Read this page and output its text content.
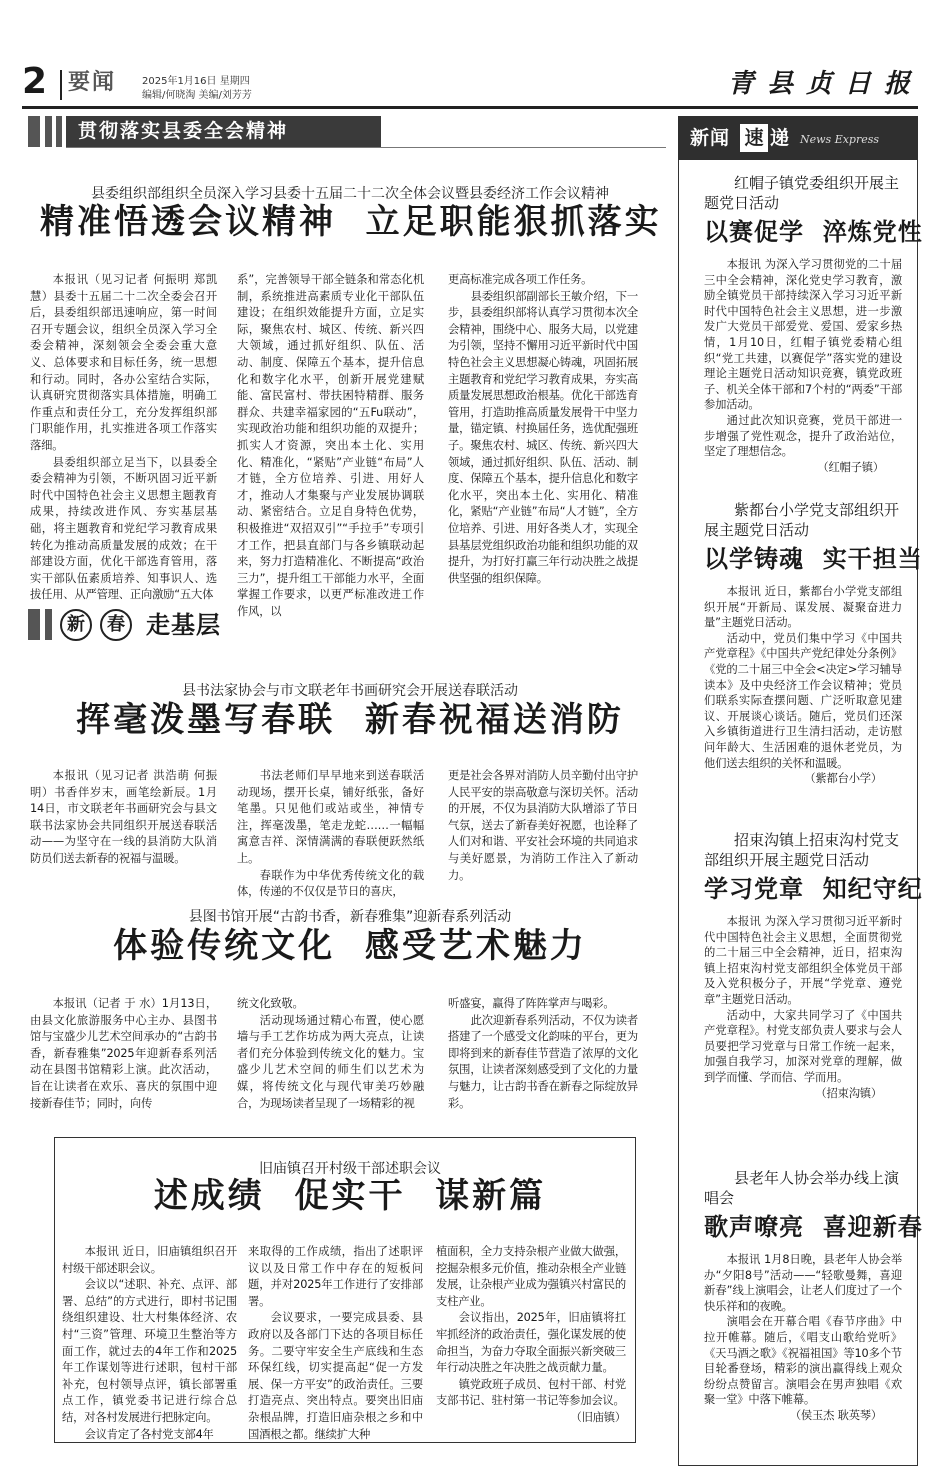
2 要闻	2025年1月16日 星期四
编辑/何晓淘 美编/刘芳芳	青 县 贞 日 报
贯彻落实县委全会精神
县委组织部组织全员深入学习县委十五届二十二次全体会议暨县委经济工作会议精神
精准悟透会议精神  立足职能狠抓落实

本报讯（见习记者 何振明 郑凯慧）县委十五届二十二次全委会召开后，县委组织部迅速响应，第一时间召开专题会议，组织全员深入学习全委会精神，深刻领会全委会重大意义、总体要求和目标任务，统一思想和行动。同时，各办公室结合实际，认真研究贯彻落实具体措施，明确工作重点和责任分工，充分发挥组织部门职能作用，扎实推进各项工作落实落细。

县委组织部立足当下，以县委全委会精神为引领，不断巩固习近平新时代中国特色社会主义思想主题教育成果，持续改进作风、夯实基层基础，将主题教育和党纪学习教育成果转化为推动高质量发展的成效；在干部建设方面，优化干部选育管用，落实干部队伍素质培养、知事识人、选拔任用、从严管理、正向激励“五大体

系”，完善领导干部全链条和常态化机制，系统推进高素质专业化干部队伍建设；在组织效能提升方面，立足实际，聚焦农村、城区、传统、新兴四大领域，通过抓好组织、队伍、活动、制度、保障五个基本，提升信息化和数字化水平，创新开展党建赋能、富民富村、带扶困特精群、服务群众、共建幸福家园的“五Fu联动”，实现政治功能和组织功能的双提升；抓实人才资源，突出本土化、实用化、精准化，“紧贴”产业链“布局”人才链，全方位培养、引进、用好人才，推动人才集聚与产业发展协调联动、紧密结合。立足自身特色优势，积极推进“双招双引”“手拉手”专项引才工作，把县直部门与各乡镇联动起来，努力打造精准化、不断提高“政治三力”，提升组工干部能力水平，全面掌握工作要求，以更严标准改进工作作风，以

更高标准完成各项工作任务。

县委组织部副部长王敏介绍，下一步，县委组织部将认真学习贯彻本次全会精神，围绕中心、服务大局，以党建为引领，坚持不懈用习近平新时代中国特色社会主义思想凝心铸魂，巩固拓展主题教育和党纪学习教育成果，夯实高质量发展思想政治根基。优化干部选育管用，打造助推高质量发展骨干中坚力量，锚定镇、村换届任务，选优配强班子。聚焦农村、城区、传统、新兴四大领域，通过抓好组织、队伍、活动、制度、保障五个基本，提升信息化和数字化水平，突出本土化、实用化、精准化，紧贴“产业链”布局“人才链”，全方位培养、引进、用好各类人才，实现全县基层党组织政治功能和组织功能的双提升，为打好打赢三年行动决胜之战提供坚强的组织保障。

新	春 走基层
县书法家协会与市文联老年书画研究会开展送春联活动
挥毫泼墨写春联  新春祝福送消防

本报讯（见习记者 洪浩萌 何振明）书香伴岁末，画笔绘新辰。1月14日，市文联老年书画研究会与县文联书法家协会共同组织开展送春联活动——为坚守在一线的县消防大队消防员们送去新春的祝福与温暖。

书法老师们早早地来到送春联活动现场，摆开长桌，铺好纸张，备好笔墨。只见他们或站或坐，神情专注，挥毫泼墨，笔走龙蛇……一幅幅寓意吉祥、深情满满的春联便跃然纸上。

春联作为中华优秀传统文化的载体，传递的不仅仅是节日的喜庆，

更是社会各界对消防人员辛勤付出守护人民平安的崇高敬意与深切关怀。活动的开展，不仅为县消防大队增添了节日气氛，送去了新春美好祝愿，也诠释了人们对和谐、平安社会环境的共同追求与美好愿景，为消防工作注入了新动力。

县图书馆开展“古韵书香，新春雅集”迎新春系列活动
体验传统文化  感受艺术魅力

本报讯（记者 于 水）1月13日，由县文化旅游服务中心主办、县图书馆与宝盛少儿艺术空间承办的“古韵书香，新春雅集”2025年迎新春系列活动在县图书馆精彩上演。此次活动，旨在让读者在欢乐、喜庆的氛围中迎接新春佳节；同时，向传

统文化致敬。

活动现场通过精心布置，使心愿墙与手工艺作坊成为两大亮点，让读者们充分体验到传统文化的魅力。宝盛少儿艺术空间的师生们以艺术为媒，将传统文化与现代审美巧妙融合，为现场读者呈现了一场精彩的视

听盛宴，赢得了阵阵掌声与喝彩。

此次迎新春系列活动，不仅为读者搭建了一个感受文化韵味的平台，更为即将到来的新春佳节营造了浓厚的文化氛围，让读者深刻感受到了文化的力量与魅力，让古韵书香在新春之际绽放异彩。

旧庙镇召开村级干部述职会议
述成绩  促实干  谋新篇

本报讯 近日，旧庙镇组织召开村级干部述职会议。

会议以“述职、补充、点评、部署、总结”的方式进行，即村书记围绕组织建设、壮大村集体经济、农村“三资”管理、环境卫生整治等方面工作，就过去的4年工作和2025年工作谋划等进行述职，包村干部补充，包村领导点评，镇长部署重点工作，镇党委书记进行综合总结，对各村发展进行把脉定向。

会议肯定了各村党支部4年

来取得的工作成绩，指出了述职评议以及日常工作中存在的短板问题，并对2025年工作进行了安排部署。

会议要求，一要完成县委、县政府以及各部门下达的各项目标任务。二要守牢安全生产底线和生态环保红线，切实提高起“促一方发展、保一方平安”的政治责任。三要打造亮点、突出特点。要突出旧庙杂根品牌，打造旧庙杂根之乡和中国酒根之都。继续扩大种

植面积，全力支持杂根产业做大做强，挖掘杂根多元价值，推动杂根全产业链发展，让杂根产业成为强镇兴村富民的支柱产业。

会议指出，2025年，旧庙镇将扛牢抓经济的政治责任，强化谋发展的使命担当，为奋力夺取全面振兴新突破三年行动决胜之年决胜之战贡献力量。

镇党政班子成员、包村干部、村党支部书记、驻村第一书记等参加会议。

（旧庙镇）
新闻 速 递 News Express
红帽子镇党委组织开展主题党日活动
以赛促学  淬炼党性

本报讯 为深入学习贯彻党的二十届三中全会精神，深化党史学习教育，激励全镇党员干部持续深入学习习近平新时代中国特色社会主义思想，进一步激发广大党员干部爱党、爱国、爱家乡热情，1月10日，红帽子镇党委精心组织“党工共建，以赛促学”落实党的建设理论主题党日活动知识竞赛，镇党政班子、机关全体干部和7个村的“两委”干部参加活动。

通过此次知识竞赛，党员干部进一步增强了党性观念，提升了政治站位，坚定了理想信念。

（红帽子镇）
紫都台小学党支部组织开展主题党日活动
以学铸魂  实干担当

本报讯 近日，紫都台小学党支部组织开展“开新局、谋发展、凝聚奋进力量”主题党日活动。

活动中，党员们集中学习《中国共产党章程》《中国共产党纪律处分条例》《党的二十届三中全会<决定>学习辅导读本》及中央经济工作会议精神；党员们联系实际查摆问题、广泛听取意见建议、开展谈心谈话。随后，党员们还深入乡镇街道进行卫生清扫活动，走访慰问年龄大、生活困难的退休老党员，为他们送去组织的关怀和温暖。

（紫都台小学）
招束沟镇上招束沟村党支部组织开展主题党日活动
学习党章  知纪守纪

本报讯 为深入学习贯彻习近平新时代中国特色社会主义思想，全面贯彻党的二十届三中全会精神，近日，招束沟镇上招束沟村党支部组织全体党员干部及入党积极分子，开展“学党章、遵党章”主题党日活动。

活动中，大家共同学习了《中国共产党章程》。村党支部负责人要求与会人员要把学习党章与日常工作统一起来，加强自我学习，加深对党章的理解，做到学而懂、学而信、学而用。

（招束沟镇）
县老年人协会举办线上演唱会
歌声嘹亮  喜迎新春

本报讯 1月8日晚，县老年人协会举办“夕阳8号”活动——“轻歌曼舞，喜迎新春”线上演唱会，让老人们度过了一个快乐祥和的夜晚。

演唱会在开幕合唱《春节序曲》中拉开帷幕。随后，《唱支山歌给党听》《天马酒之歌》《祝福祖国》等10多个节目轮番登场，精彩的演出赢得线上观众纷纷点赞留言。演唱会在男声独唱《欢聚一堂》中落下帷幕。

（侯玉杰 耿英琴）
